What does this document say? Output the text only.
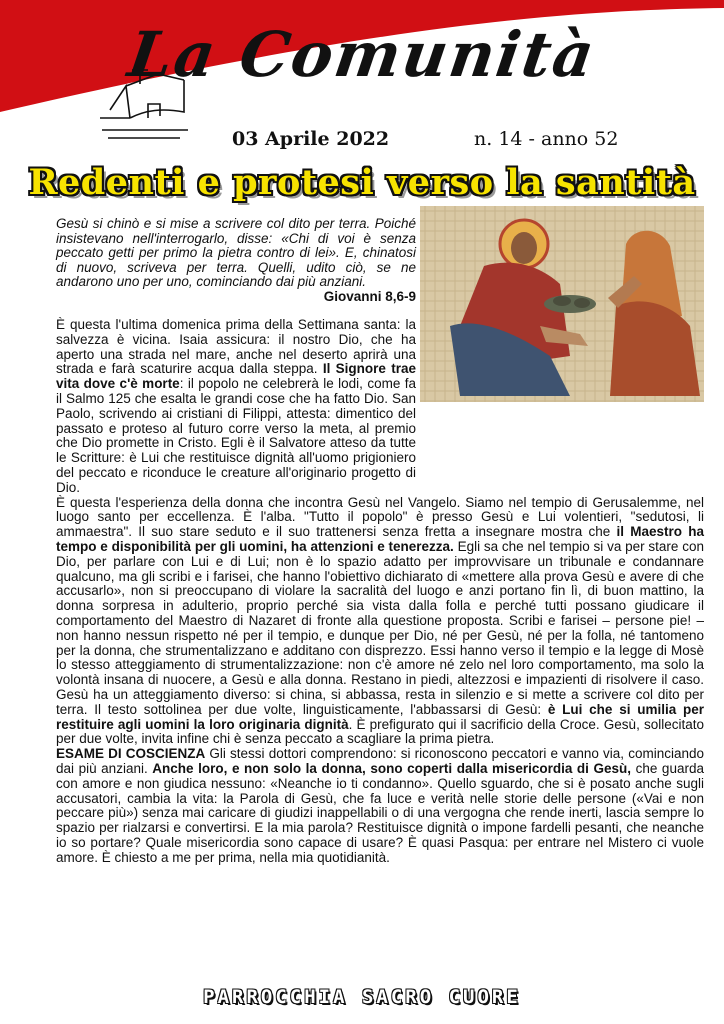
La Comunità
03 Aprile 2022	n. 14 - anno 52
Redenti e protesi verso la santità

Gesù si chinò e si mise a scrivere col dito per terra. Poiché insistevano nell'interrogarlo, disse: «Chi di voi è senza peccato getti per primo la pietra contro di lei». E, chinatosi di nuovo, scriveva per terra. Quelli, udito ciò, se ne andarono uno per uno, cominciando dai più anziani.
Giovanni 8,6-9

È questa l'ultima domenica prima della Settimana santa: la salvezza è vicina. Isaia assicura: il nostro Dio, che ha aperto una strada nel mare, anche nel deserto aprirà una strada e farà scaturire acqua dalla steppa. Il Signore trae vita dove c'è morte: il popolo ne celebrerà le lodi, come fa il Salmo 125 che esalta le grandi cose che ha fatto Dio. San Paolo, scrivendo ai cristiani di Filippi, attesta: dimentico del passato e proteso al futuro corre verso la meta, al premio che Dio promette in Cristo. Egli è il Salvatore atteso da tutte le Scritture: è Lui che restituisce dignità all'uomo prigioniero del peccato e riconduce le creature all'originario progetto di Dio.

È questa l'esperienza della donna che incontra Gesù nel Vangelo. Siamo nel tempio di Gerusalemme, nel luogo santo per eccellenza. È l'alba. "Tutto il popolo" è presso Gesù e Lui volentieri, "sedutosi, li ammaestra". Il suo stare seduto e il suo trattenersi senza fretta a insegnare mostra che il Maestro ha tempo e disponibilità per gli uomini, ha attenzioni e tenerezza. Egli sa che nel tempio si va per stare con Dio, per parlare con Lui e di Lui; non è lo spazio adatto per improvvisare un tribunale e condannare qualcuno, ma gli scribi e i farisei, che hanno l'obiettivo dichiarato di «mettere alla prova Gesù e avere di che accusarlo», non si preoccupano di violare la sacralità del luogo e anzi portano fin lì, di buon mattino, la donna sorpresa in adulterio, proprio perché sia vista dalla folla e perché tutti possano giudicare il comportamento del Maestro di Nazaret di fronte alla questione proposta. Scribi e farisei – persone pie! – non hanno nessun rispetto né per il tempio, e dunque per Dio, né per Gesù, né per la folla, né tantomeno per la donna, che strumentalizzano e additano con disprezzo. Essi hanno verso il tempio e la legge di Mosè lo stesso atteggiamento di strumentalizzazione: non c'è amore né zelo nel loro comportamento, ma solo la volontà insana di nuocere, a Gesù e alla donna. Restano in piedi, altezzosi e impazienti di risolvere il caso. Gesù ha un atteggiamento diverso: si china, si abbassa, resta in silenzio e si mette a scrivere col dito per terra. Il testo sottolinea per due volte, linguisticamente, l'abbassarsi di Gesù: è Lui che si umilia per restituire agli uomini la loro originaria dignità. È prefigurato qui il sacrificio della Croce. Gesù, sollecitato per due volte, invita infine chi è senza peccato a scagliare la prima pietra.

ESAME DI COSCIENZA Gli stessi dottori comprendono: si riconoscono peccatori e vanno via, cominciando dai più anziani. Anche loro, e non solo la donna, sono coperti dalla misericordia di Gesù, che guarda con amore e non giudica nessuno: «Neanche io ti condanno». Quello sguardo, che si è posato anche sugli accusatori, cambia la vita: la Parola di Gesù, che fa luce e verità nelle storie delle persone («Vai e non peccare più») senza mai caricare di giudizi inappellabili o di una vergogna che rende inerti, lascia sempre lo spazio per rialzarsi e convertirsi. E la mia parola? Restituisce dignità o impone fardelli pesanti, che neanche io so portare? Quale misericordia sono capace di usare? È quasi Pasqua: per entrare nel Mistero ci vuole amore. È chiesto a me per prima, nella mia quotidianità.

PARROCCHIA SACRO CUORE
